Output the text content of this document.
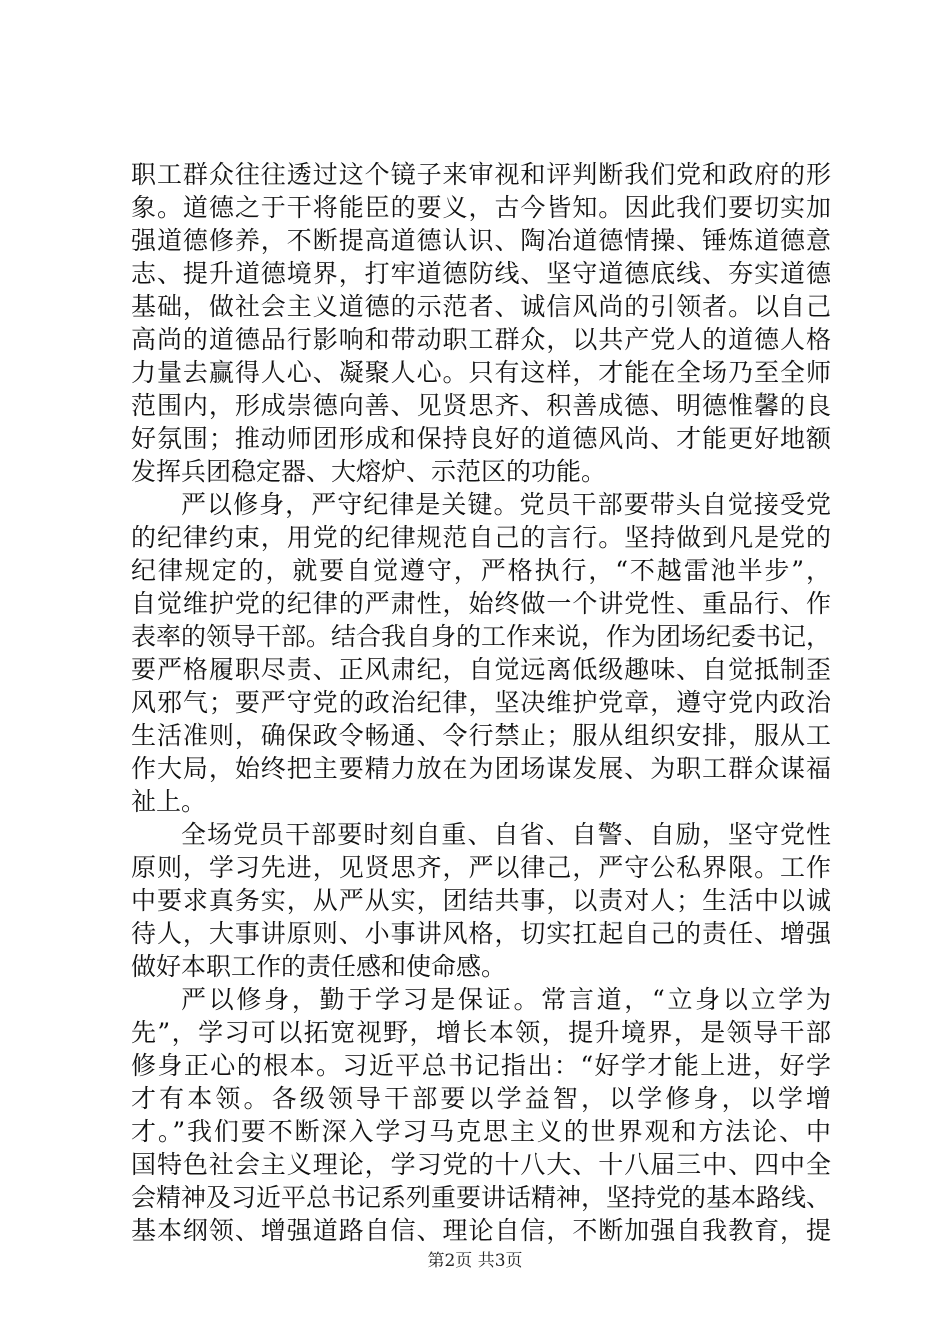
职工群众往往透过这个镜子来审视和评判断我们党和政府的形
象。道德之于干将能臣的要义，古今皆知。因此我们要切实加
强道德修养，不断提高道德认识、陶冶道德情操、锤炼道德意
志、提升道德境界，打牢道德防线、坚守道德底线、夯实道德
基础，做社会主义道德的示范者、诚信风尚的引领者。以自己
高尚的道德品行影响和带动职工群众，以共产党人的道德人格
力量去赢得人心、凝聚人心。只有这样，才能在全场乃至全师
范围内，形成崇德向善、见贤思齐、积善成德、明德惟馨的良
好氛围；推动师团形成和保持良好的道德风尚、才能更好地额
发挥兵团稳定器、大熔炉、示范区的功能。
严以修身，严守纪律是关键。党员干部要带头自觉接受党
的纪律约束，用党的纪律规范自己的言行。坚持做到凡是党的
纪律规定的，就要自觉遵守，严格执行，“不越雷池半步”，
自觉维护党的纪律的严肃性，始终做一个讲党性、重品行、作
表率的领导干部。结合我自身的工作来说，作为团场纪委书记，
要严格履职尽责、正风肃纪，自觉远离低级趣味、自觉抵制歪
风邪气；要严守党的政治纪律，坚决维护党章，遵守党内政治
生活准则，确保政令畅通、令行禁止；服从组织安排，服从工
作大局，始终把主要精力放在为团场谋发展、为职工群众谋福
祉上。
全场党员干部要时刻自重、自省、自警、自励，坚守党性
原则，学习先进，见贤思齐，严以律己，严守公私界限。工作
中要求真务实，从严从实，团结共事，以责对人；生活中以诚
待人，大事讲原则、小事讲风格，切实扛起自己的责任、增强
做好本职工作的责任感和使命感。
严以修身，勤于学习是保证。常言道，“立身以立学为
先”，学习可以拓宽视野，增长本领，提升境界，是领导干部
修身正心的根本。习近平总书记指出：“好学才能上进，好学
才有本领。各级领导干部要以学益智，以学修身，以学增
才。”我们要不断深入学习马克思主义的世界观和方法论、中
国特色社会主义理论，学习党的十八大、十八届三中、四中全
会精神及习近平总书记系列重要讲话精神，坚持党的基本路线、
基本纲领、增强道路自信、理论自信，不断加强自我教育，提
第2页 共3页
